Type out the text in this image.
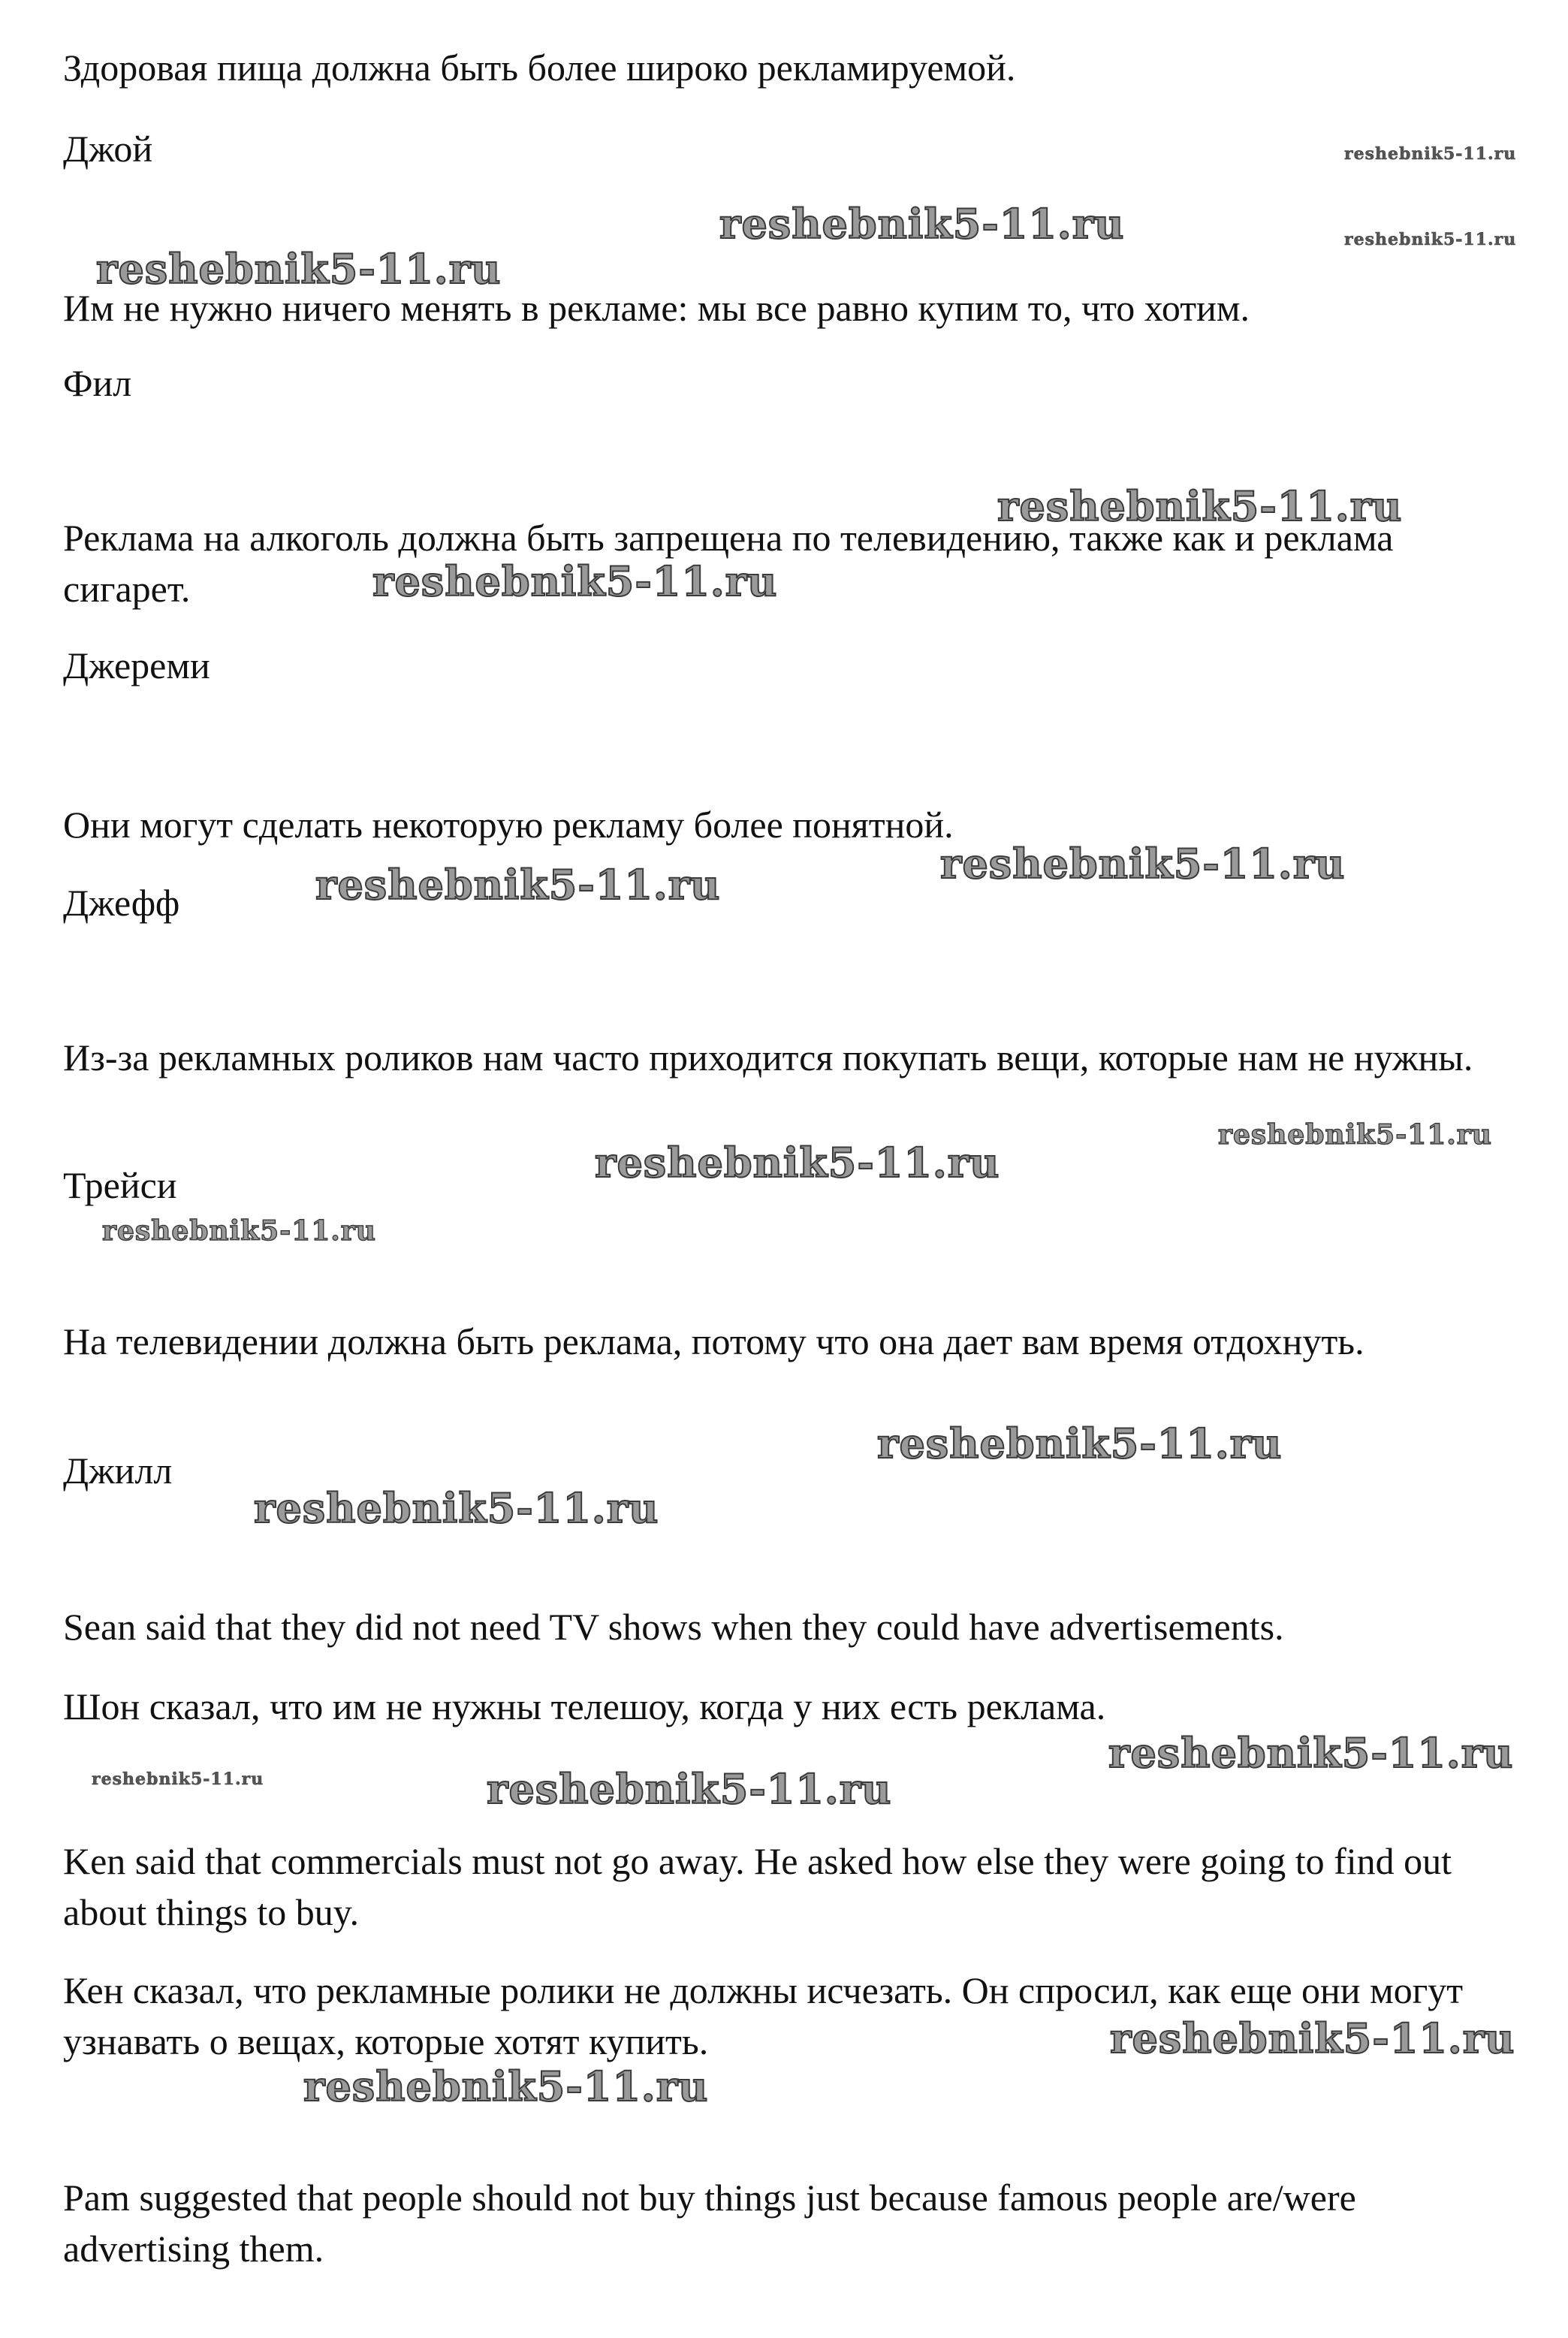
Здоровая пища должна быть более широко рекламируемой.

Джой

Им не нужно ничего менять в рекламе: мы все равно купим то, что хотим.

Фил

Реклама на алкоголь должна быть запрещена по телевидению, также как и реклама сигарет.

Джереми

Они могут сделать некоторую рекламу более понятной.

Джефф

Из-за рекламных роликов нам часто приходится покупать вещи, которые нам не нужны.

Трейси

На телевидении должна быть реклама, потому что она дает вам время отдохнуть.

Джилл

Sean said that they did not need TV shows when they could have advertisements.

Шон сказал, что им не нужны телешоу, когда у них есть реклама.

Ken said that commercials must not go away. He asked how else they were going to find out about things to buy.

Кен сказал, что рекламные ролики не должны исчезать. Он спросил, как еще они могут узнавать о вещах, которые хотят купить.

Pam suggested that people should not buy things just because famous people are/were advertising them.

reshebnik5-11.ru
reshebnik5-11.ru	reshebnik5-11.ru
reshebnik5-11.ru
reshebnik5-11.ru
reshebnik5-11.ru
reshebnik5-11.ru
reshebnik5-11.ru
reshebnik5-11.ru
reshebnik5-11.ru
reshebnik5-11.ru
reshebnik5-11.ru
reshebnik5-11.ru
reshebnik5-11.ru
reshebnik5-11.ru	reshebnik5-11.ru
reshebnik5-11.ru
reshebnik5-11.ru
